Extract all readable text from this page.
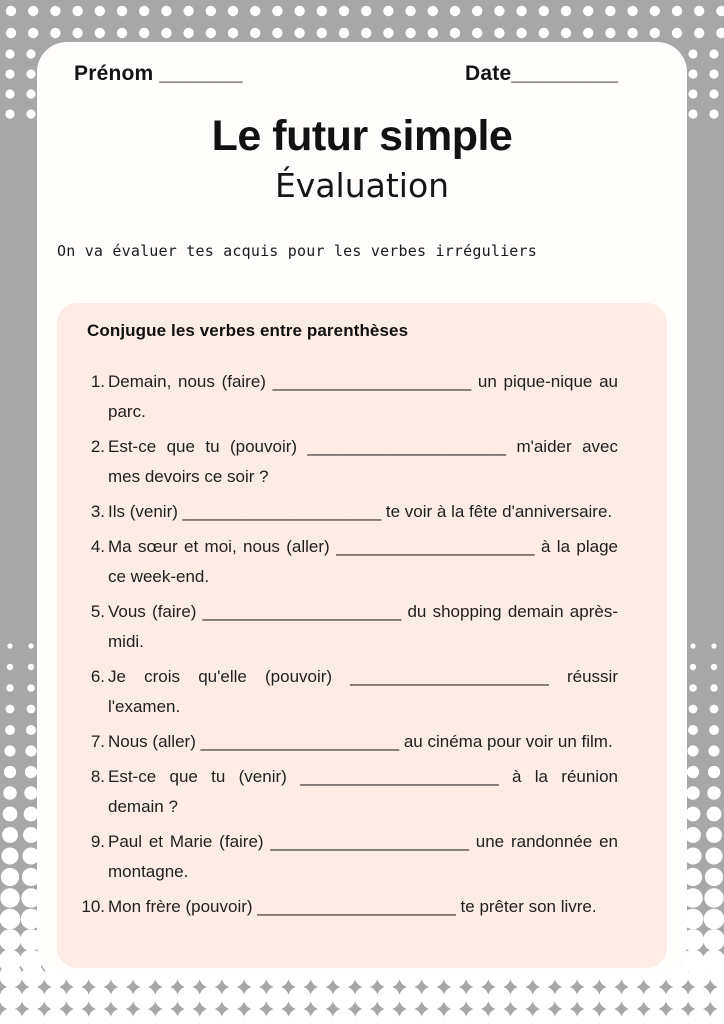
Prénom _______	Date_________
Le futur simple
Évaluation

On va évaluer tes acquis pour les verbes irréguliers

Conjugue les verbes entre parenthèses

1. Demain, nous (faire) _____________________ un pique-nique au parc.
2. Est-ce que tu (pouvoir) _____________________ m'aider avec mes devoirs ce soir ?
3. Ils (venir) _____________________ te voir à la fête d'anniversaire.
4. Ma sœur et moi, nous (aller) _____________________ à la plage ce week-end.
5. Vous (faire) _____________________ du shopping demain après-midi.
6. Je crois qu'elle (pouvoir) _____________________ réussir l'examen.
7. Nous (aller) _____________________ au cinéma pour voir un film.
8. Est-ce que tu (venir) _____________________ à la réunion demain ?
9. Paul et Marie (faire) _____________________ une randonnée en montagne.
10. Mon frère (pouvoir) _____________________ te prêter son livre.
